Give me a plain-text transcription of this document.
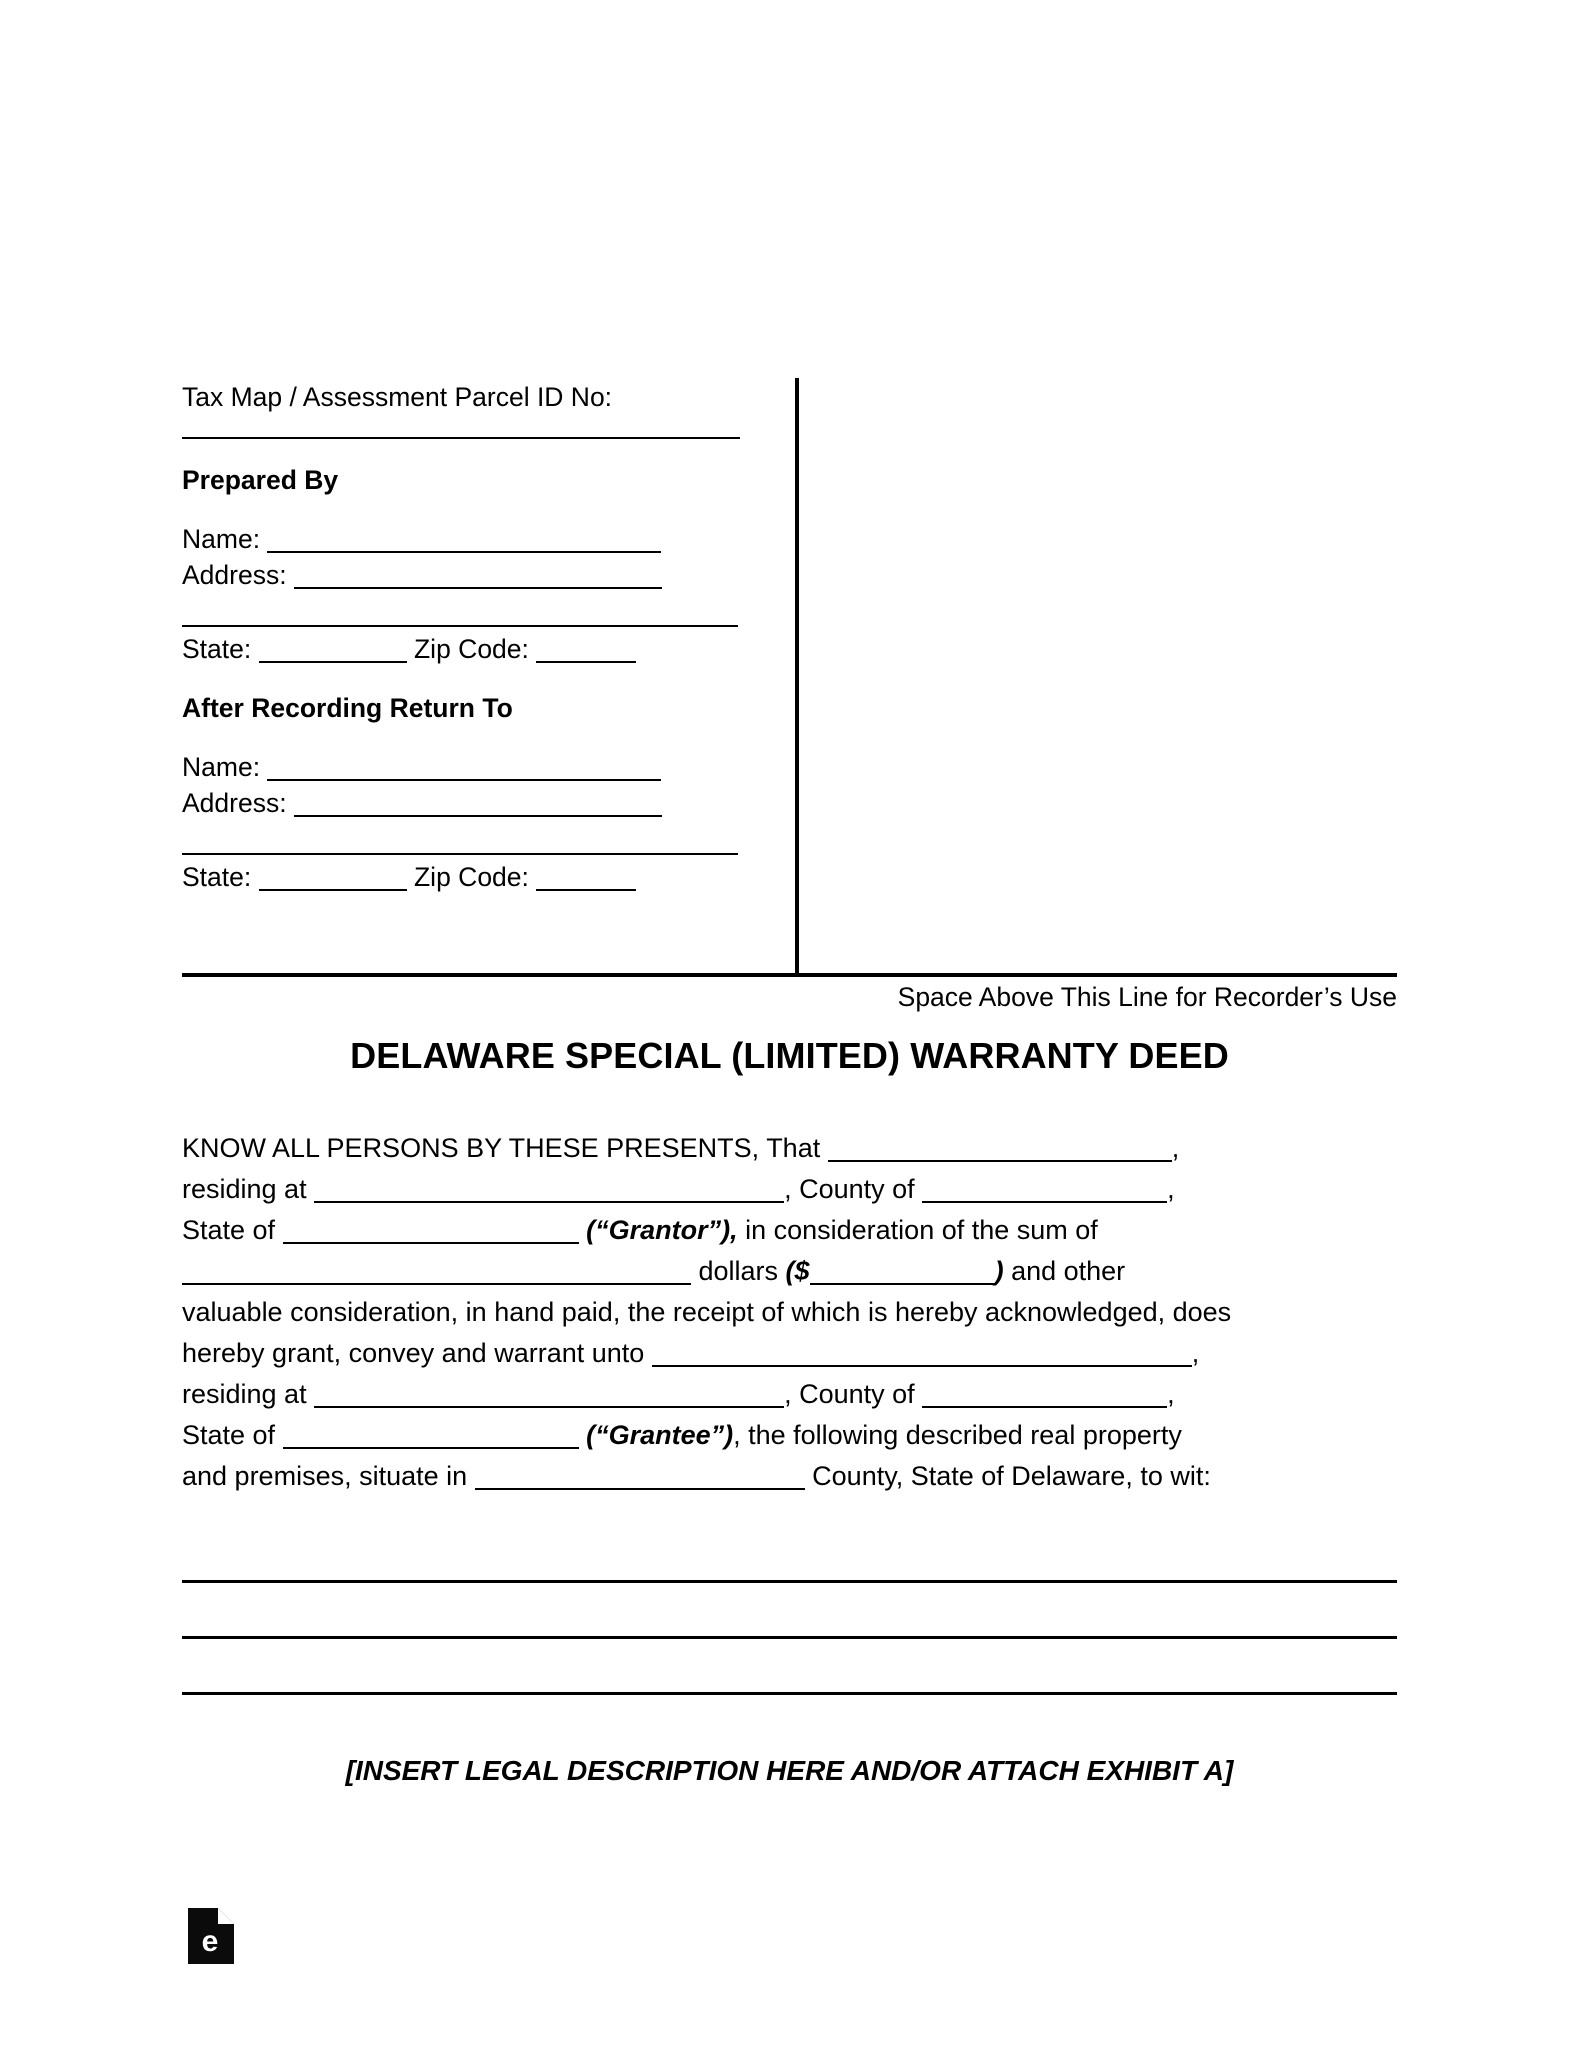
Tax Map / Assessment Parcel ID No:
Prepared By
Name:
Address:
State:	Zip Code:
After Recording Return To
Name:
Address:
State:	Zip Code:
Space Above This Line for Recorder’s Use
DELAWARE SPECIAL (LIMITED) WARRANTY DEED
KNOW ALL PERSONS BY THESE PRESENTS, That	,
residing at	, County of	,
State of	(“Grantor”), in consideration of the sum of
dollars ($	) and other
valuable consideration, in hand paid, the receipt of which is hereby acknowledged, does
hereby grant, convey and warrant unto	,
residing at	, County of	,
State of	(“Grantee”), the following described real property
and premises, situate in	County, State of Delaware, to wit:
[INSERT LEGAL DESCRIPTION HERE AND/OR ATTACH EXHIBIT A]
e
